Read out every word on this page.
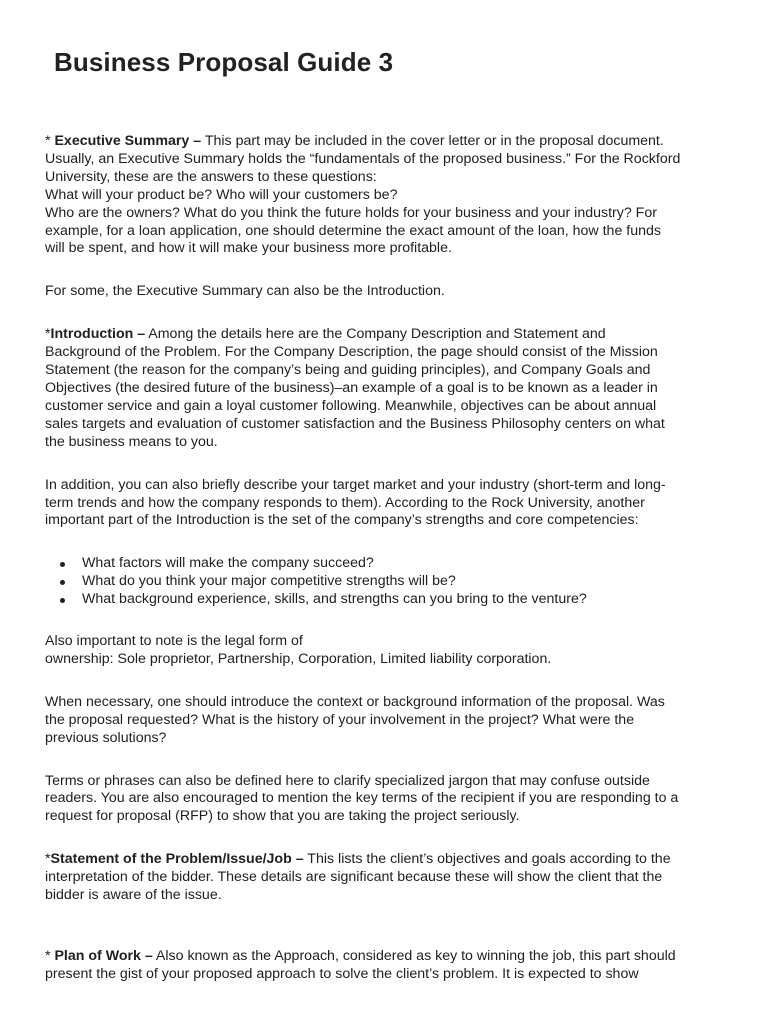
Business Proposal Guide 3

* Executive Summary – This part may be included in the cover letter or in the proposal document.
Usually, an Executive Summary holds the “fundamentals of the proposed business.” For the Rockford
University, these are the answers to these questions:
What will your product be? Who will your customers be?
Who are the owners? What do you think the future holds for your business and your industry? For
example, for a loan application, one should determine the exact amount of the loan, how the funds
will be spent, and how it will make your business more profitable.

For some, the Executive Summary can also be the Introduction.

*Introduction – Among the details here are the Company Description and Statement and
Background of the Problem. For the Company Description, the page should consist of the Mission
Statement (the reason for the company’s being and guiding principles), and Company Goals and
Objectives (the desired future of the business)–an example of a goal is to be known as a leader in
customer service and gain a loyal customer following. Meanwhile, objectives can be about annual
sales targets and evaluation of customer satisfaction and the Business Philosophy centers on what
the business means to you.

In addition, you can also briefly describe your target market and your industry (short-term and long-
term trends and how the company responds to them). According to the Rock University, another
important part of the Introduction is the set of the company’s strengths and core competencies:

What factors will make the company succeed?
What do you think your major competitive strengths will be?
What background experience, skills, and strengths can you bring to the venture?

Also important to note is the legal form of
ownership: Sole proprietor, Partnership, Corporation, Limited liability corporation.

When necessary, one should introduce the context or background information of the proposal. Was
the proposal requested? What is the history of your involvement in the project? What were the
previous solutions?

Terms or phrases can also be defined here to clarify specialized jargon that may confuse outside
readers. You are also encouraged to mention the key terms of the recipient if you are responding to a
request for proposal (RFP) to show that you are taking the project seriously.

*Statement of the Problem/Issue/Job – This lists the client’s objectives and goals according to the
interpretation of the bidder. These details are significant because these will show the client that the
bidder is aware of the issue.

* Plan of Work – Also known as the Approach, considered as key to winning the job, this part should
present the gist of your proposed approach to solve the client’s problem. It is expected to show
